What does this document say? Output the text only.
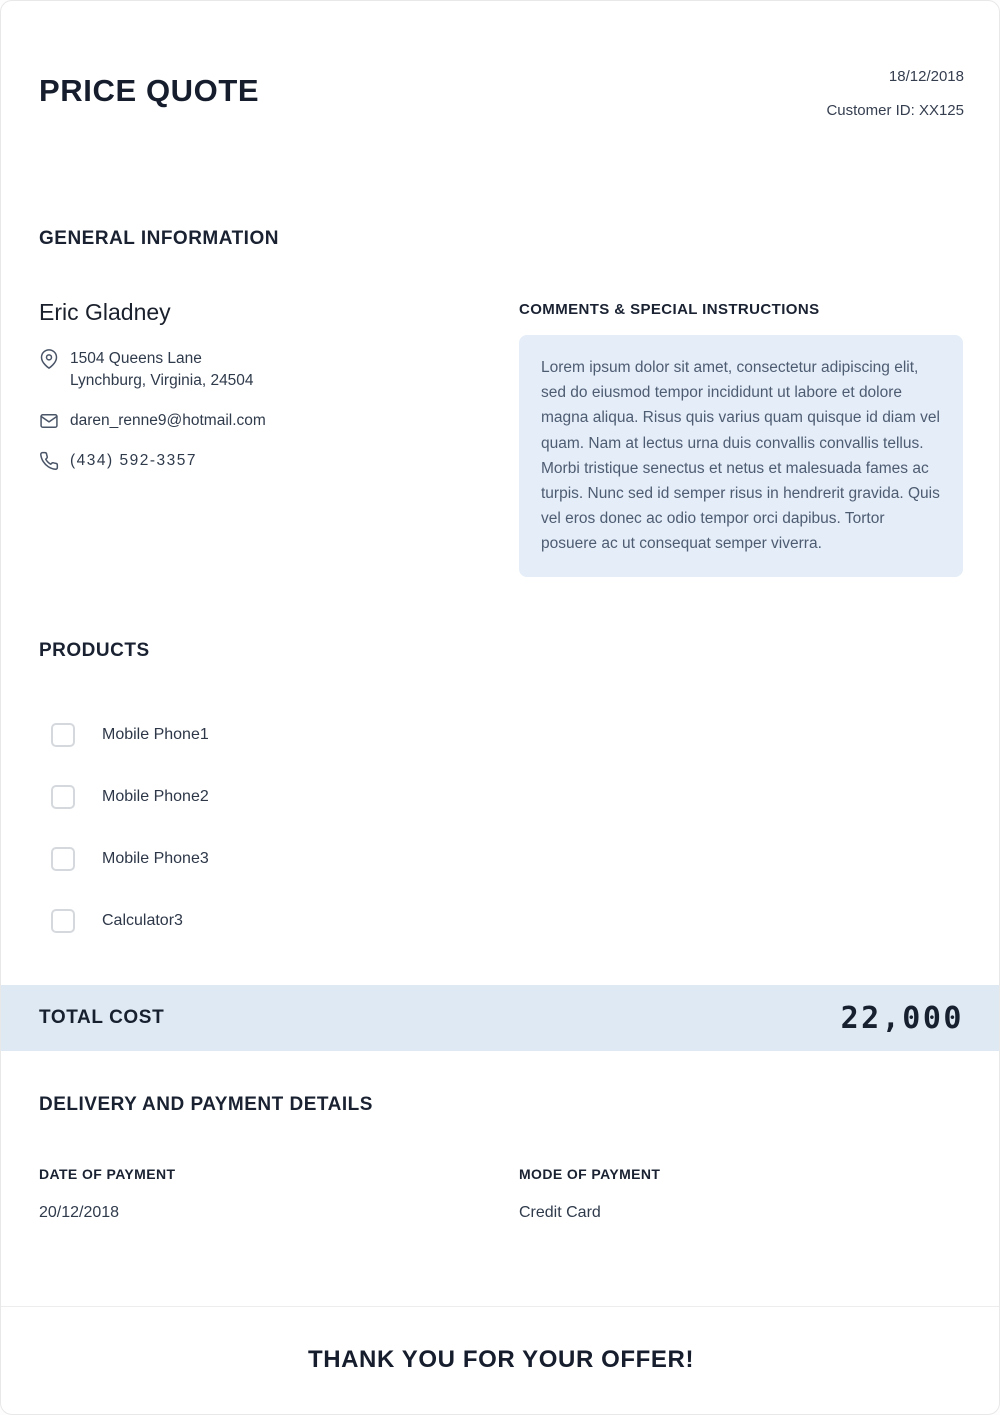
PRICE QUOTE	18/12/2018
Customer ID: XX125
GENERAL INFORMATION
Eric Gladney
1504 Queens Lane
Lynchburg, Virginia, 24504
daren_renne9@hotmail.com
(434) 592-3357
COMMENTS & SPECIAL INSTRUCTIONS
Lorem ipsum dolor sit amet, consectetur adipiscing elit, sed do eiusmod tempor incididunt ut labore et dolore magna aliqua. Risus quis varius quam quisque id diam vel quam. Nam at lectus urna duis convallis convallis tellus. Morbi tristique senectus et netus et malesuada fames ac turpis. Nunc sed id semper risus in hendrerit gravida. Quis vel eros donec ac odio tempor orci dapibus. Tortor posuere ac ut consequat semper viverra.
PRODUCTS
Mobile Phone1
Mobile Phone2
Mobile Phone3
Calculator3
TOTAL COST	22,000
DELIVERY AND PAYMENT DETAILS
DATE OF PAYMENT
20/12/2018
MODE OF PAYMENT
Credit Card
THANK YOU FOR YOUR OFFER!
